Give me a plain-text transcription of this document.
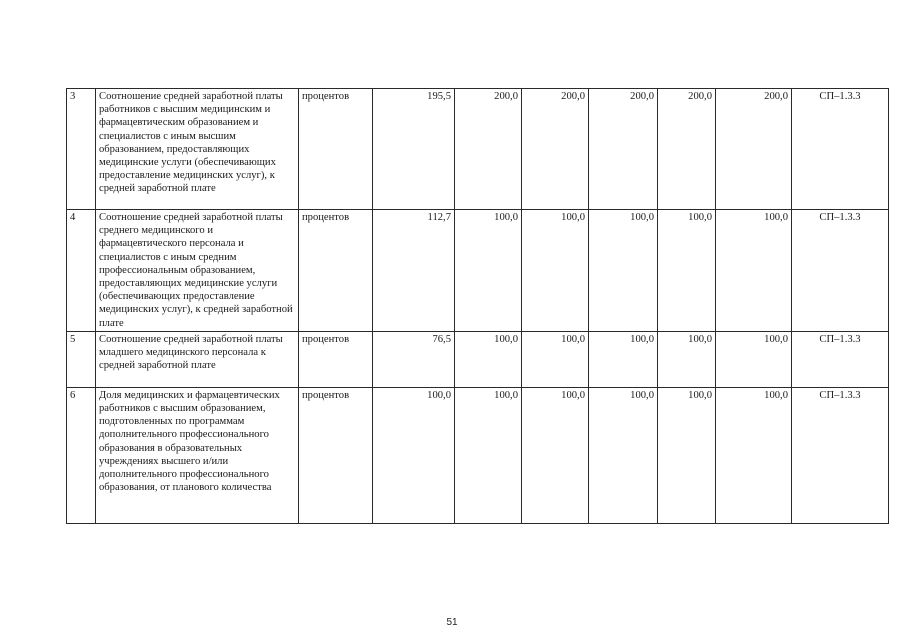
3	Соотношение средней заработной платы работников с высшим медицинским и фармацевтическим образованием и специалистов с иным высшим образованием, предоставляющих медицинские услуги (обеспечивающих предоставление медицинских услуг), к средней заработной плате	процентов	195,5	200,0	200,0	200,0	200,0	200,0	СП–1.3.3
4	Соотношение средней заработной платы среднего медицинского и фармацевтического персонала и специалистов с иным средним профессиональным образованием, предоставляющих медицинские услуги (обеспечивающих предоставление медицинских услуг), к средней заработной плате	процентов	112,7	100,0	100,0	100,0	100,0	100,0	СП–1.3.3
5	Соотношение средней заработной платы младшего медицинского персонала к средней заработной плате	процентов	76,5	100,0	100,0	100,0	100,0	100,0	СП–1.3.3
6	Доля медицинских и фармацевтических работников с высшим образованием, подготовленных по программам дополнительного профессионального образования в образовательных учреждениях высшего и/или дополнительного профессионального образования, от планового количества	процентов	100,0	100,0	100,0	100,0	100,0	100,0	СП–1.3.3
51
